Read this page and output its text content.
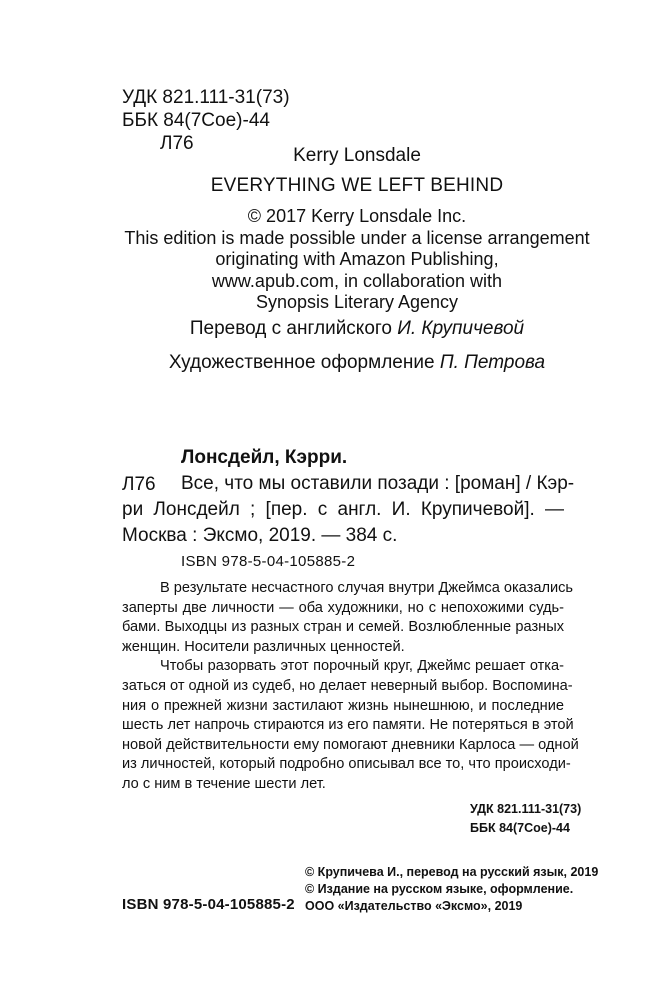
УДК 821.111-31(73)
ББК 84(7Сое)-44
Л76
Kerry Lonsdale
EVERYTHING WE LEFT BEHIND
© 2017 Kerry Lonsdale Inc.
This edition is made possible under a license arrangement
originating with Amazon Publishing,
www.apub.com, in collaboration with
Synopsis Literary Agency
Перевод с английского И. Крупичевой
Художественное оформление П. Петрова
Лонсдейл, Кэрри.
Л76 Все, что мы оставили позади : [роман] / Кэр-
ри Лонсдейл ; [пер. с англ. И. Крупичевой]. —
Москва : Эксмо, 2019. — 384 с.
ISBN 978-5-04-105885-2
В результате несчастного случая внутри Джеймса оказались
заперты две личности — оба художники, но с непохожими судь-
бами. Выходцы из разных стран и семей. Возлюбленные разных
женщин. Носители различных ценностей.
Чтобы разорвать этот порочный круг, Джеймс решает отка-
заться от одной из судеб, но делает неверный выбор. Воспомина-
ния о прежней жизни застилают жизнь нынешнюю, и последние
шесть лет напрочь стираются из его памяти. Не потеряться в этой
новой действительности ему помогают дневники Карлоса — одной
из личностей, который подробно описывал все то, что происходи-
ло с ним в течение шести лет.
УДК 821.111-31(73)
ББК 84(7Сое)-44
© Крупичева И., перевод на русский язык, 2019
© Издание на русском языке, оформление.
ООО «Издательство «Эксмо», 2019
ISBN 978-5-04-105885-2
